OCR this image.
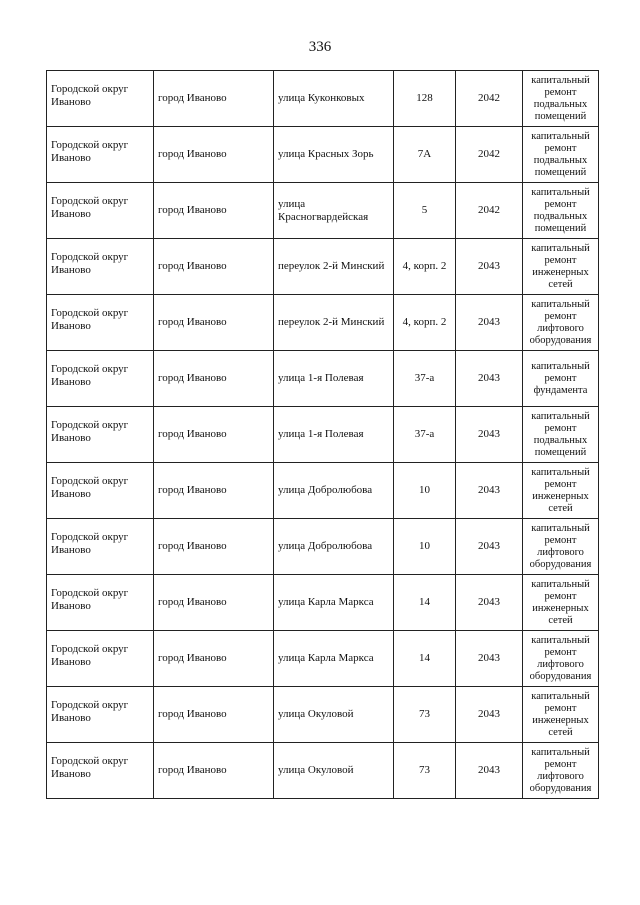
336
Городской округ Иваново	город Иваново	улица Куконковых	128	2042	капитальный ремонт подвальных помещений

Городской округ Иваново	город Иваново	улица Красных Зорь	7А	2042	капитальный ремонт подвальных помещений

Городской округ Иваново	город Иваново	улица Красногвардейская	5	2042	капитальный ремонт подвальных помещений

Городской округ Иваново	город Иваново	переулок 2-й Минский	4, корп. 2	2043	капитальный ремонт инженерных сетей

Городской округ Иваново	город Иваново	переулок 2-й Минский	4, корп. 2	2043	капитальный ремонт лифтового оборудования

Городской округ Иваново	город Иваново	улица 1-я Полевая	37-а	2043	капитальный ремонт фундамента

Городской округ Иваново	город Иваново	улица 1-я Полевая	37-а	2043	капитальный ремонт подвальных помещений

Городской округ Иваново	город Иваново	улица Добролюбова	10	2043	капитальный ремонт инженерных сетей

Городской округ Иваново	город Иваново	улица Добролюбова	10	2043	капитальный ремонт лифтового оборудования

Городской округ Иваново	город Иваново	улица Карла Маркса	14	2043	капитальный ремонт инженерных сетей

Городской округ Иваново	город Иваново	улица Карла Маркса	14	2043	капитальный ремонт лифтового оборудования

Городской округ Иваново	город Иваново	улица Окуловой	73	2043	капитальный ремонт инженерных сетей

Городской округ Иваново	город Иваново	улица Окуловой	73	2043	капитальный ремонт лифтового оборудования
